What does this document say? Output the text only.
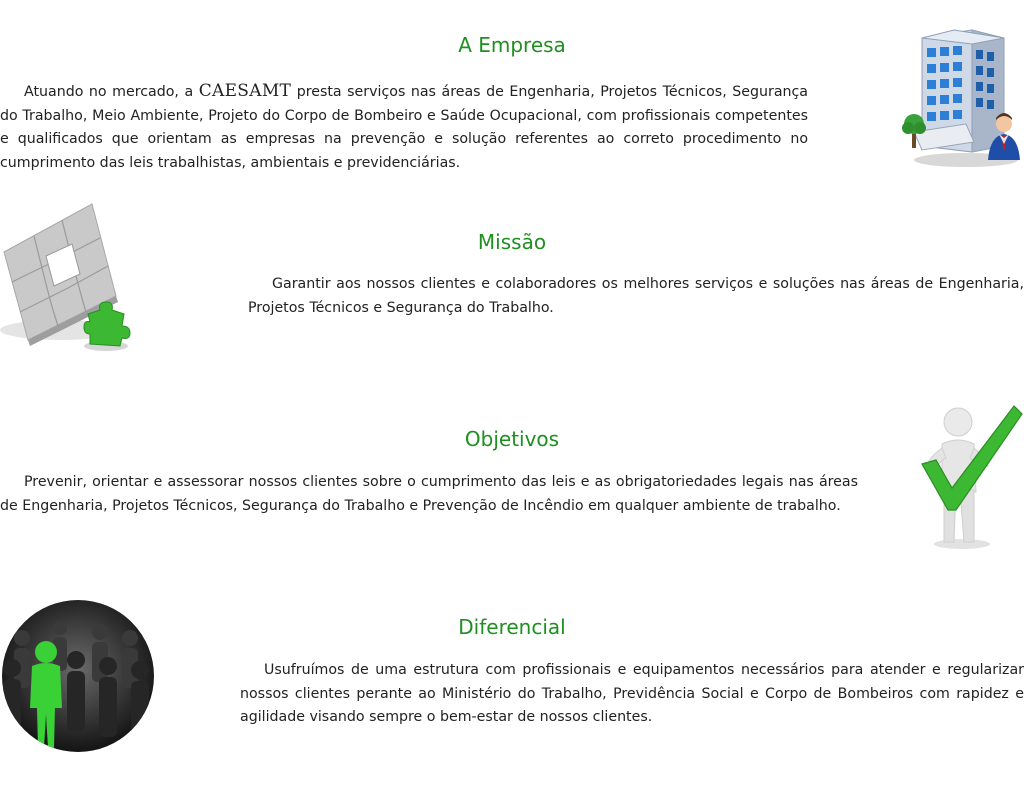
A Empresa

Atuando no mercado, a CAESAMT presta serviços nas áreas de Engenharia, Projetos Técnicos, Segurança do Trabalho, Meio Ambiente, Projeto do Corpo de Bombeiro e Saúde Ocupacional, com profissionais competentes e qualificados que orientam as empresas na prevenção e solução referentes ao correto procedimento no cumprimento das leis trabalhistas, ambientais e previdenciárias.

Missão

Garantir aos nossos clientes e colaboradores os melhores serviços e soluções nas áreas de Engenharia, Projetos Técnicos e Segurança do Trabalho.

Objetivos

Prevenir, orientar e assessorar nossos clientes sobre o cumprimento das leis e as obrigatoriedades legais nas áreas de Engenharia, Projetos Técnicos, Segurança do Trabalho e Prevenção de Incêndio em qualquer ambiente de trabalho.

Diferencial

Usufruímos de uma estrutura com profissionais e equipamentos necessários para atender e regularizar nossos clientes perante ao Ministério do Trabalho, Previdência Social e Corpo de Bombeiros com rapidez e agilidade visando sempre o bem-estar de nossos clientes.
